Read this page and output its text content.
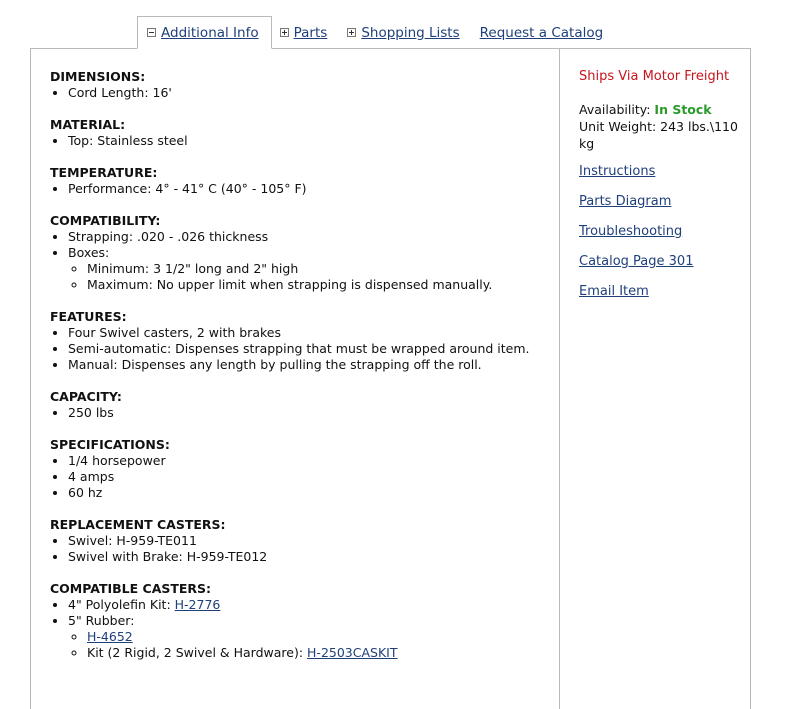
Additional Info	Parts	Shopping Lists Request a Catalog
DIMENSIONS:
• Cord Length: 16'
MATERIAL:
• Top: Stainless steel
TEMPERATURE:
• Performance: 4° - 41° C (40° - 105° F)
COMPATIBILITY:
• Strapping: .020 - .026 thickness
• Boxes:
◦ Minimum: 3 1/2" long and 2" high
◦ Maximum: No upper limit when strapping is dispensed manually.
FEATURES:
• Four Swivel casters, 2 with brakes
• Semi-automatic: Dispenses strapping that must be wrapped around item.
• Manual: Dispenses any length by pulling the strapping off the roll.
CAPACITY:
• 250 lbs
SPECIFICATIONS:
• 1/4 horsepower
• 4 amps
• 60 hz
REPLACEMENT CASTERS:
• Swivel: H-959-TE011
• Swivel with Brake: H-959-TE012
COMPATIBLE CASTERS:
• 4" Polyolefin Kit: H-2776
• 5" Rubber:
◦ H-4652
◦ Kit (2 Rigid, 2 Swivel & Hardware): H-2503CASKIT
Ships Via Motor Freight
Availability: In Stock
Unit Weight: 243 lbs.\110 kg
Instructions
Parts Diagram
Troubleshooting
Catalog Page 301
Email Item
